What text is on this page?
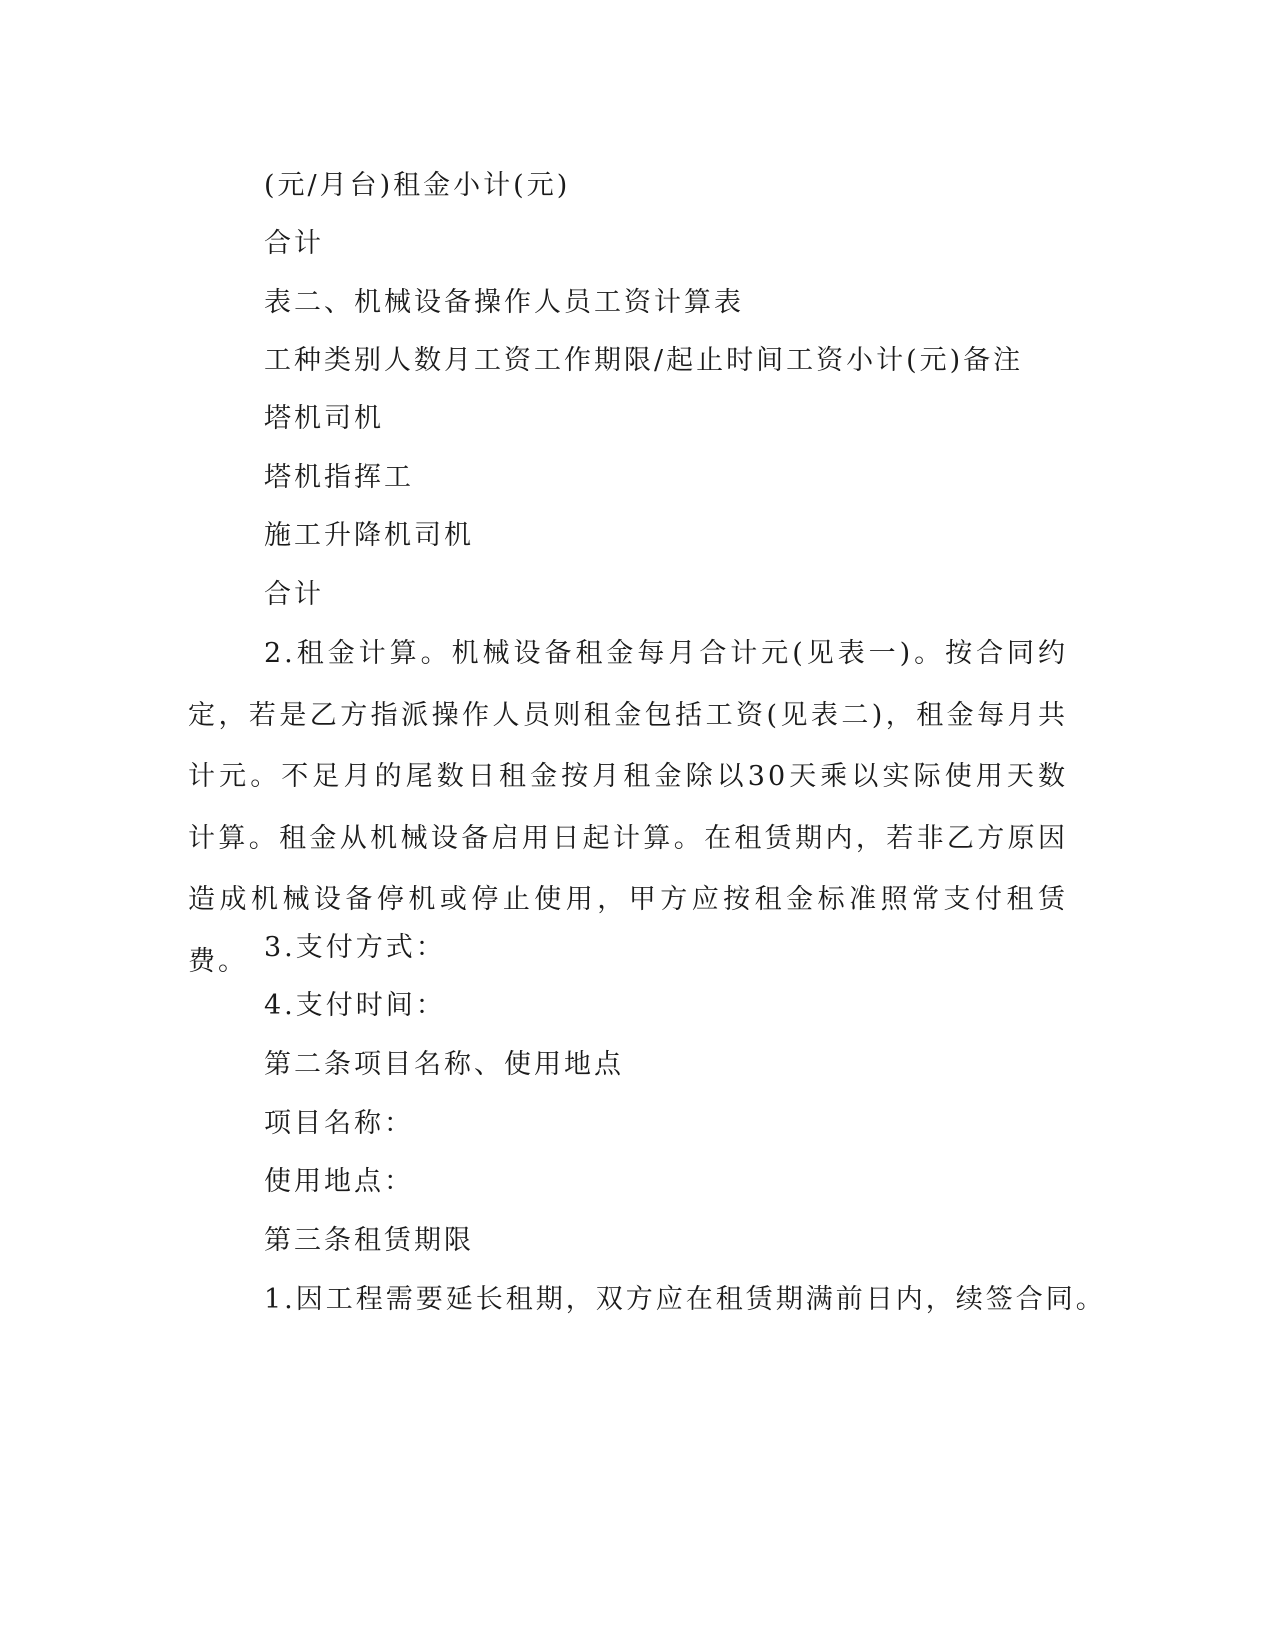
(元/月台)租金小计(元)
合计
表二、机械设备操作人员工资计算表
工种类别人数月工资工作期限/起止时间工资小计(元)备注
塔机司机
塔机指挥工
施工升降机司机
合计
2.租金计算。机械设备租金每月合计元(见表一)。按合同约定，若是乙方指派操作人员则租金包括工资(见表二)，租金每月共计元。不足月的尾数日租金按月租金除以30天乘以实际使用天数计算。租金从机械设备启用日起计算。在租赁期内，若非乙方原因造成机械设备停机或停止使用，甲方应按租金标准照常支付租赁费。 3.支付方式：
4.支付时间：
第二条项目名称、使用地点
项目名称：
使用地点：
第三条租赁期限
1.因工程需要延长租期，双方应在租赁期满前日内，续签合同。
